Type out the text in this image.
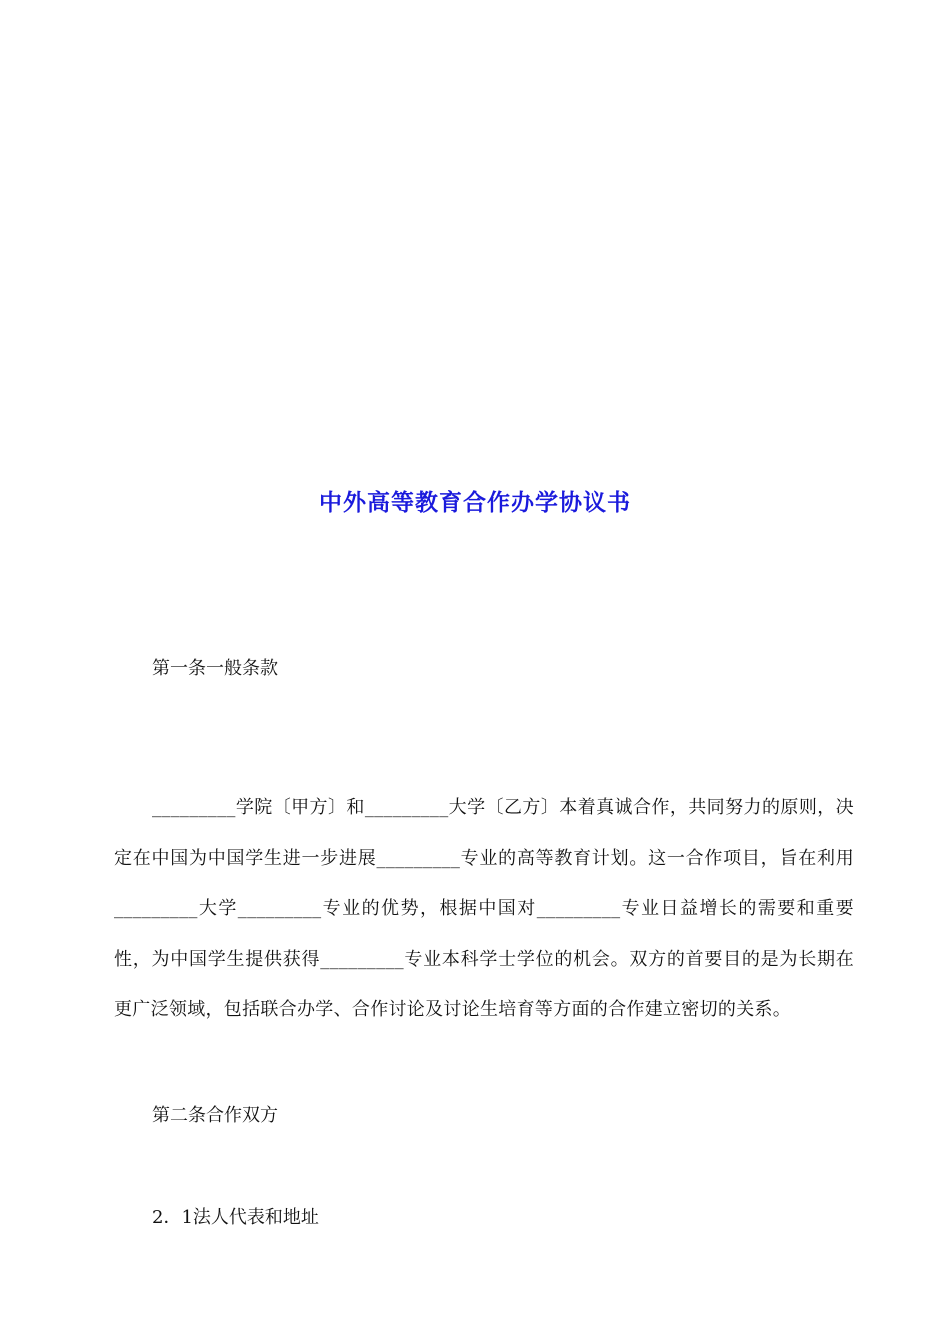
中外高等教育合作办学协议书
第一条一般条款
_________学院〔甲方〕和_________大学〔乙方〕本着真诚合作，共同努力的原则，决定在中国为中国学生进一步进展_________专业的高等教育计划。这一合作项目，旨在利用_________大学_________专业的优势，根据中国对_________专业日益增长的需要和重要性，为中国学生提供获得_________专业本科学士学位的机会。双方的首要目的是为长期在更广泛领域，包括联合办学、合作讨论及讨论生培育等方面的合作建立密切的关系。
第二条合作双方
2．1法人代表和地址
